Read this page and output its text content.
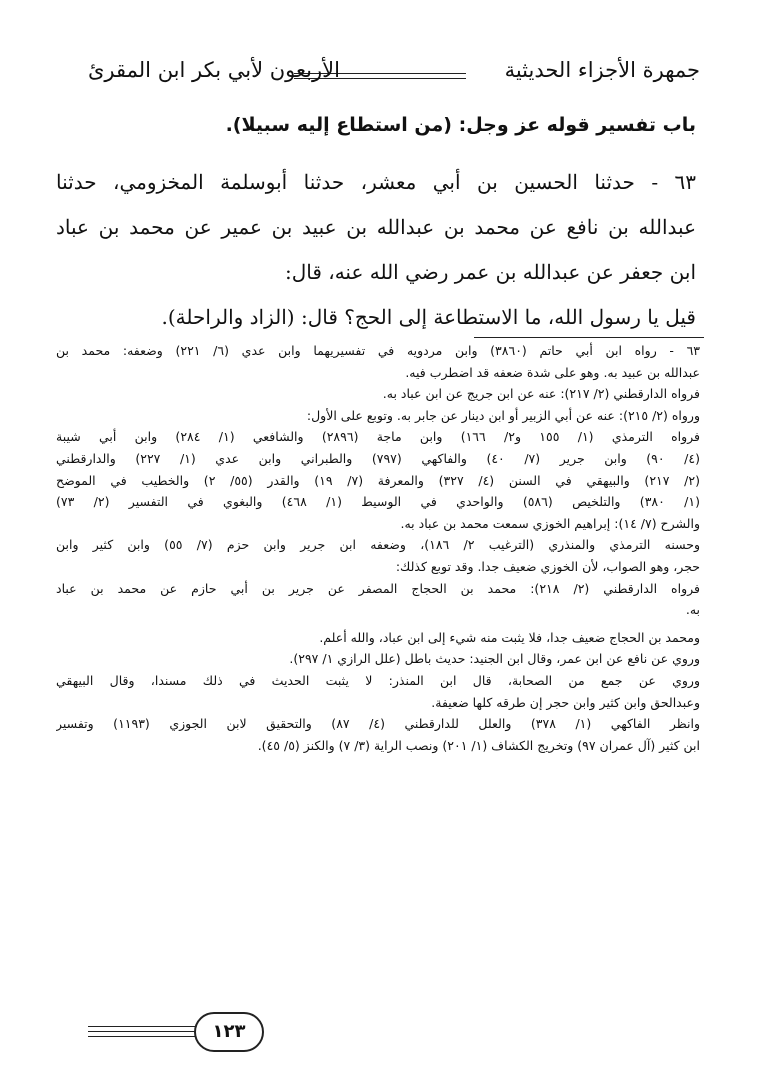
جمهرة الأجزاء الحديثية
الأربعون لأبي بكر ابن المقرئ
باب تفسير قوله عز وجل: (من استطاع إليه سبيلا).
٦٣ - حدثنا الحسين بن أبي معشر، حدثنا أبوسلمة المخزومي، حدثنا
عبدالله بن نافع عن محمد بن عبدالله بن عبيد بن عمير عن محمد بن عباد
ابن جعفر عن عبدالله بن عمر رضي الله عنه، قال:
قيل يا رسول الله، ما الاستطاعة إلى الحج؟ قال: (الزاد والراحلة).
٦٣ - رواه ابن أبي حاتم (٣٨٦٠) وابن مردويه في تفسيريهما وابن عدي (٦/ ٢٢١) وضعفه: محمد بن
عبدالله بن عبيد به. وهو على شدة ضعفه قد اضطرب فيه.
فرواه الدارقطني (٢/ ٢١٧): عنه عن ابن جريج عن ابن عباد به.
ورواه (٢/ ٢١٥): عنه عن أبي الزبير أو ابن دينار عن جابر به. وتوبع على الأول:
فرواه الترمذي (١/ ١٥٥ و٢/ ١٦٦) وابن ماجة (٢٨٩٦) والشافعي (١/ ٢٨٤) وابن أبي شيبة
(٤/ ٩٠) وابن جرير (٧/ ٤٠) والفاكهي (٧٩٧) والطبراني وابن عدي (١/ ٢٢٧) والدارقطني
(٢/ ٢١٧) والبيهقي في السنن (٤/ ٣٢٧) والمعرفة (٧/ ١٩) والقدر (٥٥/ ٢) والخطيب في الموضح
(١/ ٣٨٠) والتلخيص (٥٨٦) والواحدي في الوسيط (١/ ٤٦٨) والبغوي في التفسير (٢/ ٧٣)
والشرح (٧/ ١٤): إبراهيم الخوزي سمعت محمد بن عباد به.
وحسنه الترمذي والمنذري (الترغيب ٢/ ١٨٦)، وضعفه ابن جرير وابن حزم (٧/ ٥٥) وابن كثير وابن
حجر، وهو الصواب، لأن الخوزي ضعيف جدا. وقد توبع كذلك:
فرواه الدارقطني (٢/ ٢١٨): محمد بن الحجاج المصفر عن جرير بن أبي حازم عن محمد بن عباد
به.
ومحمد بن الحجاج ضعيف جدا، فلا يثبت منه شيء إلى ابن عباد، والله أعلم.
وروي عن نافع عن ابن عمر، وقال ابن الجنيد: حديث باطل (علل الرازي ١/ ٢٩٧).
وروي عن جمع من الصحابة، قال ابن المنذر: لا يثبت الحديث في ذلك مسندا، وقال البيهقي
وعبدالحق وابن كثير وابن حجر إن طرقه كلها ضعيفة.
وانظر الفاكهي (١/ ٣٧٨) والعلل للدارقطني (٤/ ٨٧) والتحقيق لابن الجوزي (١١٩٣) وتفسير
ابن كثير (آل عمران ٩٧) وتخريج الكشاف (١/ ٢٠١) ونصب الراية (٣/ ٧) والكنز (٥/ ٤٥).
١٢٣
